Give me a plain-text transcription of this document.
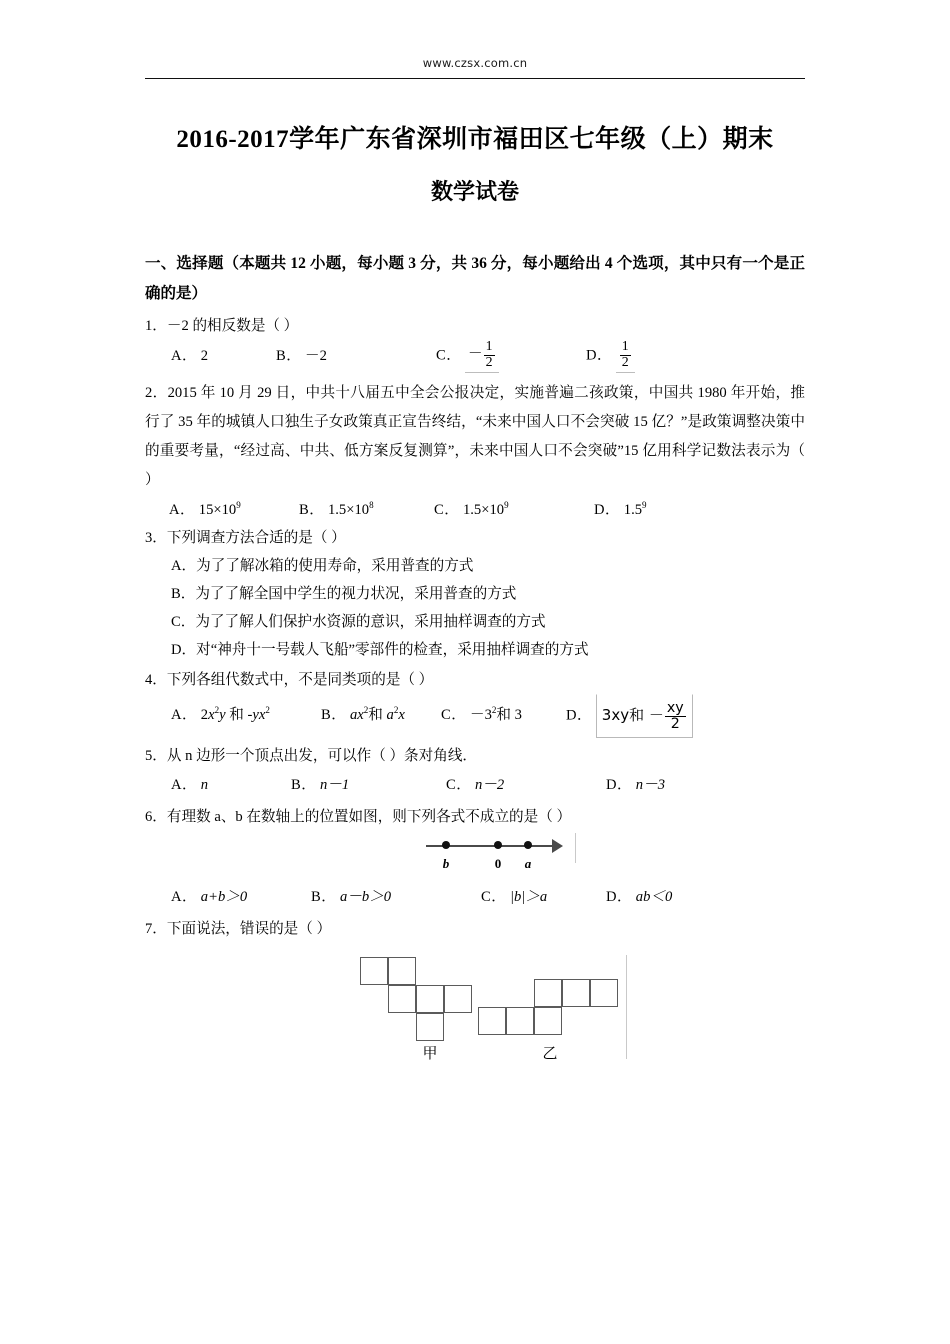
www.czsx.com.cn
2016-2017学年广东省深圳市福田区七年级（上）期末
数学试卷

一、选择题（本题共 12 小题，每小题 3 分，共 36 分，每小题给出 4 个选项，其中只有一个是正确的是）

1．－2 的相反数是（ ）
A． 2	B． －2	C． － $\frac{1}{2}$	D． $\frac{1}{2}$

2．2015 年 10 月 29 日，中共十八届五中全会公报决定，实施普遍二孩政策，中国共 1980 年开始，推行了 35 年的城镇人口独生子女政策真正宣告终结，“未来中国人口不会突破 15 亿？”是政策调整决策中的重要考量，“经过高、中共、低方案反复测算”，未来中国人口不会突破”15 亿用科学记数法表示为（ ）

A． $15\times 10^9$	B． $1.5\times 10^8$	C． $1.5\times 10^9$	D． $1.5^9$
3．下列调查方法合适的是（ ）
A．为了了解冰箱的使用寿命，采用普查的方式
B．为了了解全国中学生的视力状况，采用普查的方式
C．为了了解人们保护水资源的意识，采用抽样调查的方式
D．对“神舟十一号载人飞船”零部件的检查，采用抽样调查的方式
4．下列各组代数式中，不是同类项的是（ ）
A． $2x^2y$ 和 $-yx^2$	B． $ax^2$和 $a^2x$ C． $-3^2$和 3	D． 3xy和 － $\frac{xy}{2}$
5．从 n 边形一个顶点出发，可以作（ ）条对角线．
A． n	B． n－1	C． n－2	D． n－3
6．有理数 a、b 在数轴上的位置如图，则下列各式不成立的是（ ）
b	0 a
A． a+b＞0	B． a－b＞0	C． |b|＞a	D． ab＜0
7．下面说法，错误的是（ ）
甲	乙
